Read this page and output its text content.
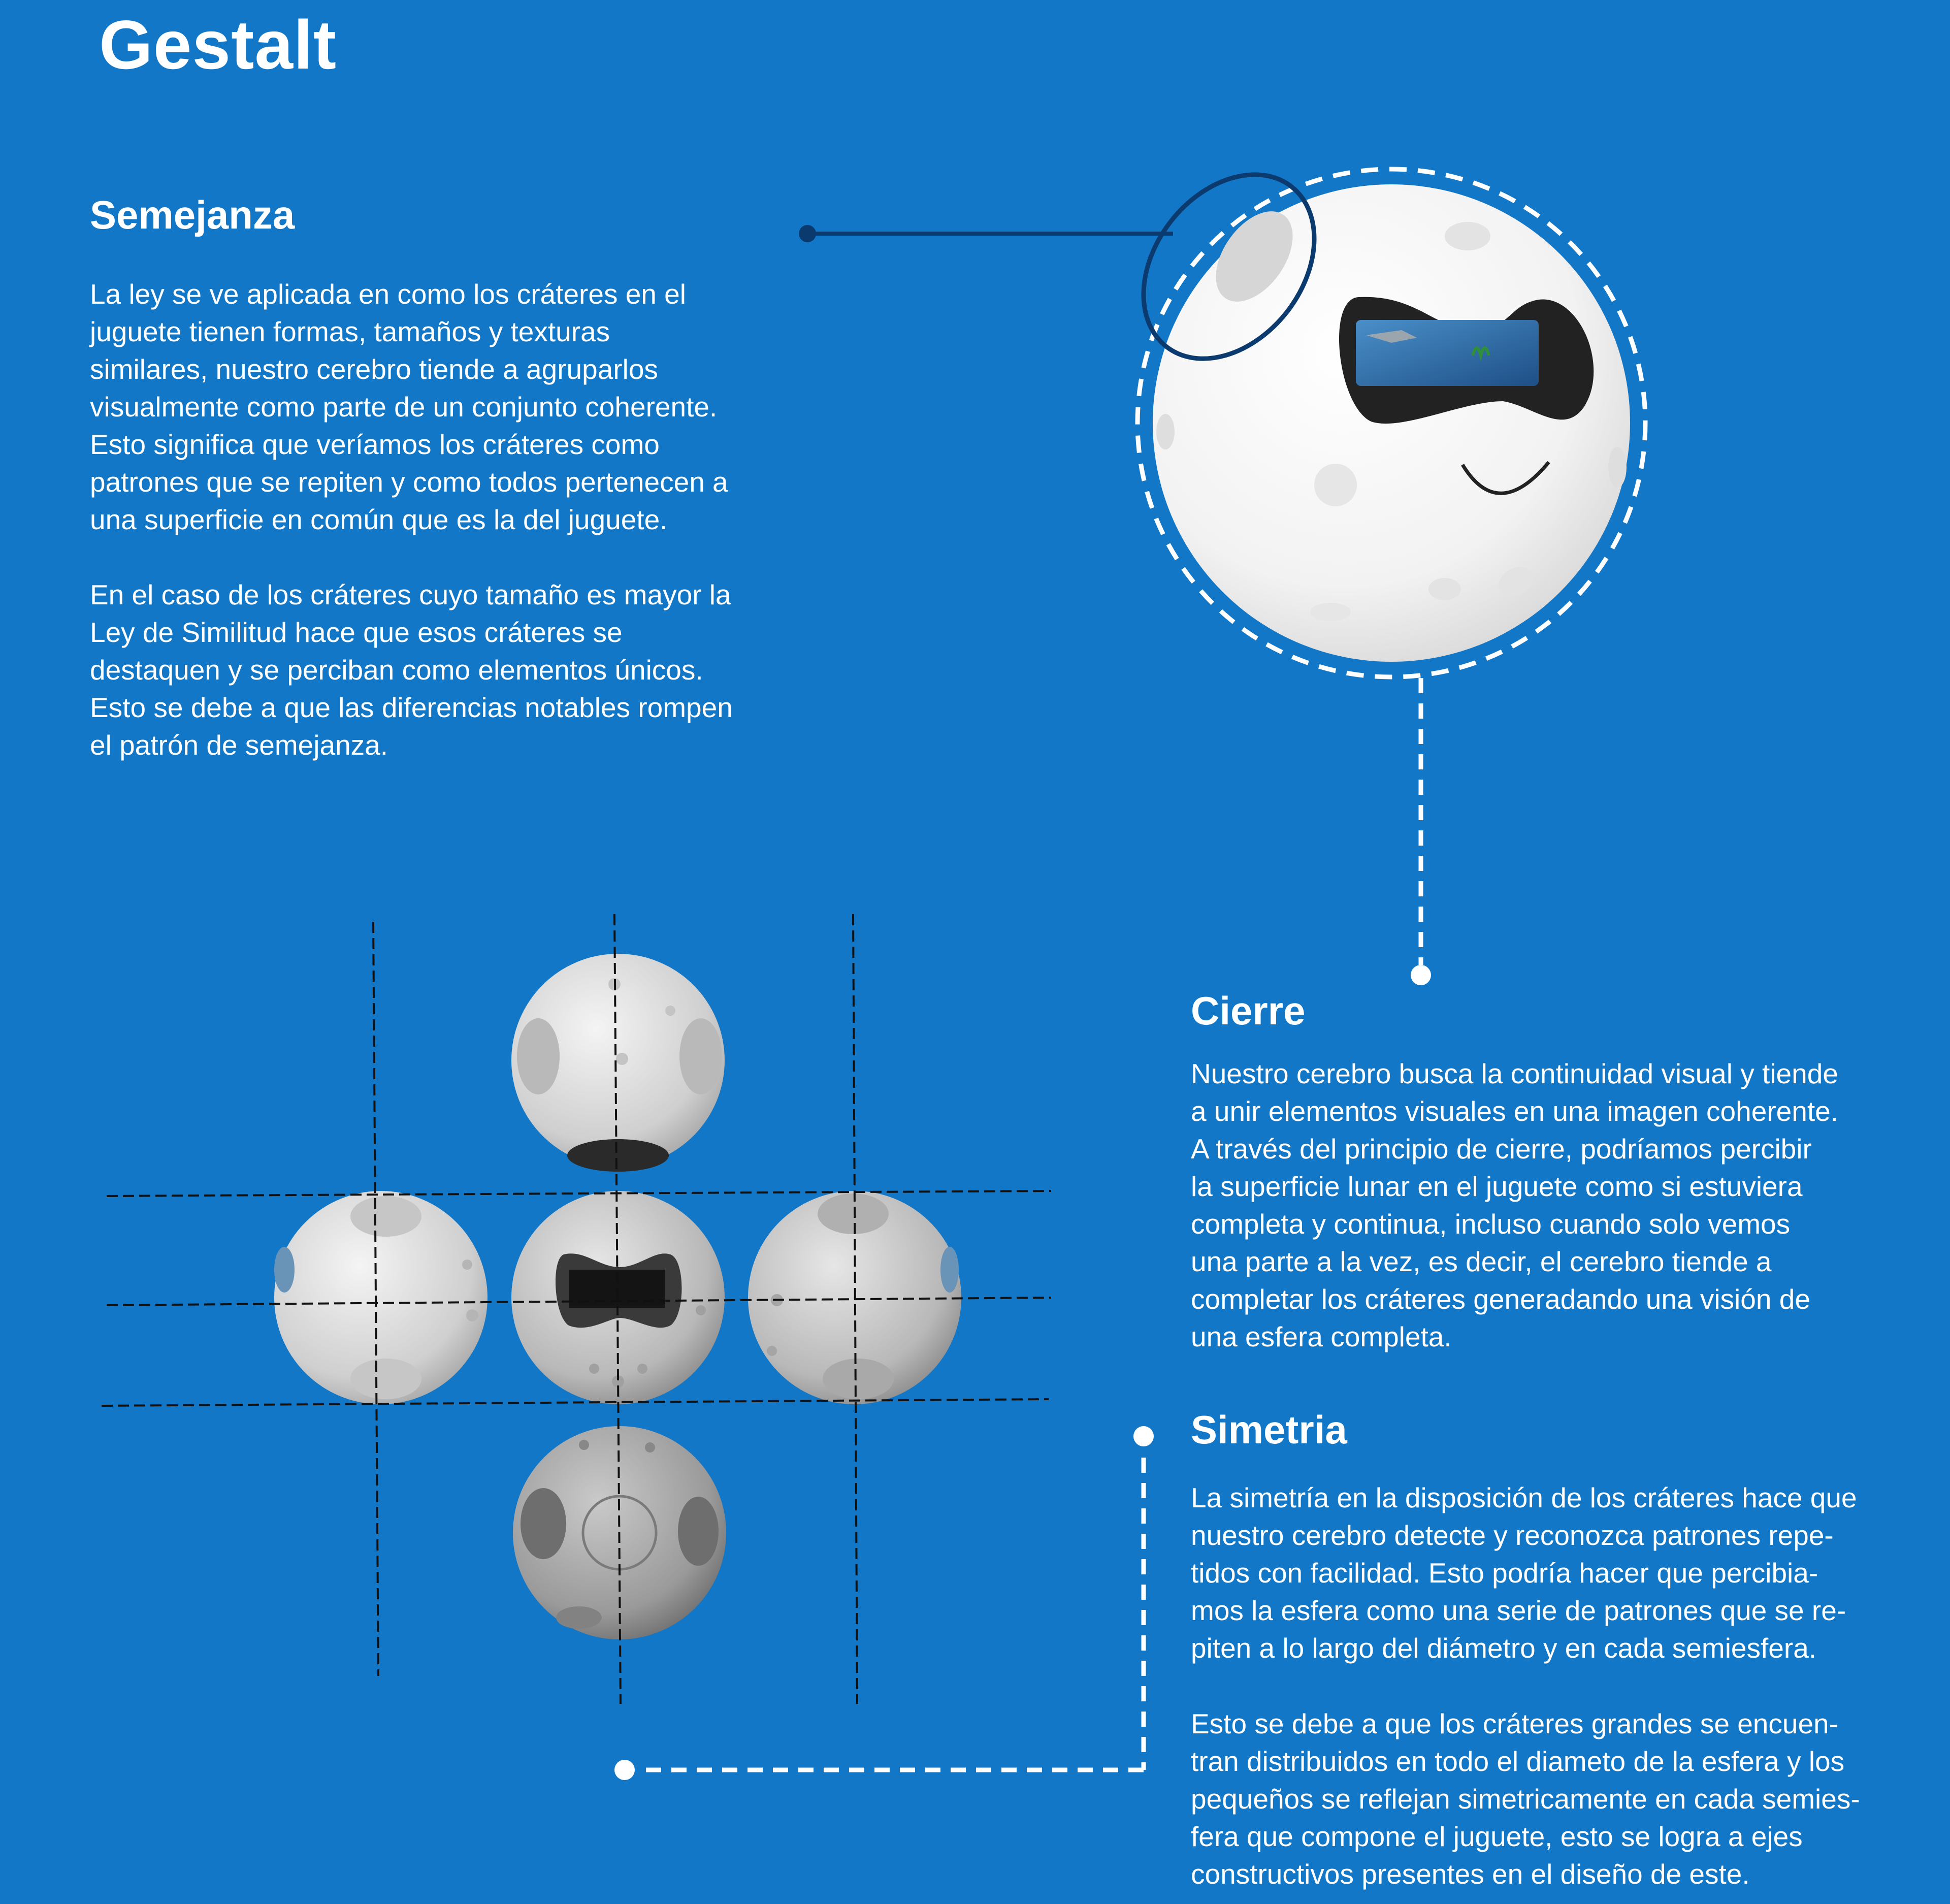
Gestalt
Semejanza

La ley se ve aplicada en como los cráteres en el
juguete tienen formas, tamaños y texturas
similares, nuestro cerebro tiende a agruparlos
visualmente como parte de un conjunto coherente.
Esto significa que veríamos los cráteres como
patrones que se repiten y como todos pertenecen a
una superficie en común que es la del juguete.

En el caso de los cráteres cuyo tamaño es mayor la
Ley de Similitud hace que esos cráteres se
destaquen y se perciban como elementos únicos.
Esto se debe a que las diferencias notables rompen
el patrón de semejanza.

Cierre

Nuestro cerebro busca la continuidad visual y tiende
a unir elementos visuales en una imagen coherente.
A través del principio de cierre, podríamos percibir
la superficie lunar en el juguete como si estuviera
completa y continua, incluso cuando solo vemos
una parte a la vez, es decir, el cerebro tiende a
completar los cráteres generadando una visión de
una esfera completa.

Simetria

La simetría en la disposición de los cráteres hace que
nuestro cerebro detecte y reconozca patrones repe-
tidos con facilidad. Esto podría hacer que percibia-
mos la esfera como una serie de patrones que se re-
piten a lo largo del diámetro y en cada semiesfera.

Esto se debe a que los cráteres grandes se encuen-
tran distribuidos en todo el diameto de la esfera y los
pequeños se reflejan simetricamente en cada semies-
fera que compone el juguete, esto se logra a ejes
constructivos presentes en el diseño de este.
